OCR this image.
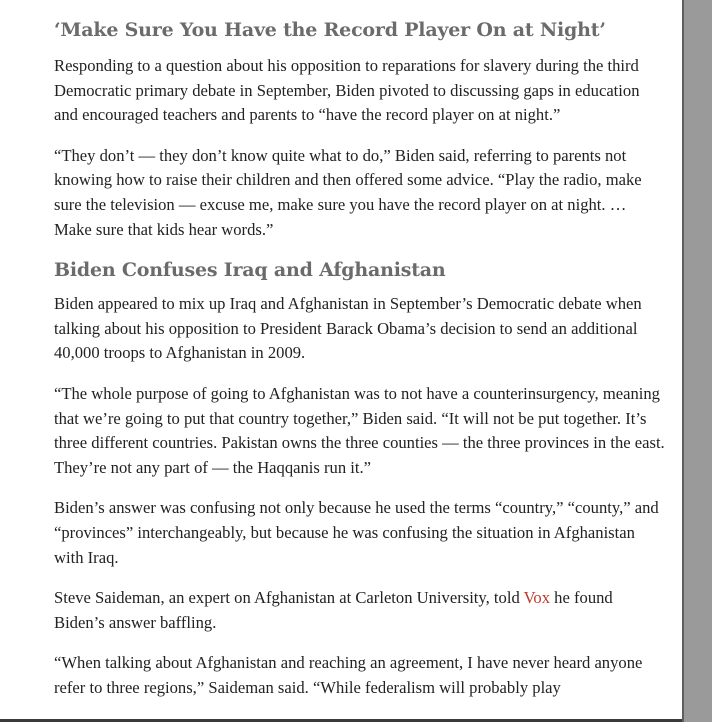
‘Make Sure You Have the Record Player On at Night’

Responding to a question about his opposition to reparations for slavery during the third Democratic primary debate in September, Biden pivoted to discussing gaps in education and encouraged teachers and parents to “have the record player on at night.”

“They don’t — they don’t know quite what to do,” Biden said, referring to parents not knowing how to raise their children and then offered some advice. “Play the radio, make sure the television — excuse me, make sure you have the record player on at night. … Make sure that kids hear words.”

Biden Confuses Iraq and Afghanistan

Biden appeared to mix up Iraq and Afghanistan in September’s Democratic debate when talking about his opposition to President Barack Obama’s decision to send an additional 40,000 troops to Afghanistan in 2009.

“The whole purpose of going to Afghanistan was to not have a counterinsurgency, meaning that we’re going to put that country together,” Biden said. “It will not be put together. It’s three different countries. Pakistan owns the three counties — the three provinces in the east. They’re not any part of — the Haqqanis run it.”

Biden’s answer was confusing not only because he used the terms “country,” “county,” and “provinces” interchangeably, but because he was confusing the situation in Afghanistan with Iraq.

Steve Saideman, an expert on Afghanistan at Carleton University, told Vox he found Biden’s answer baffling.

“When talking about Afghanistan and reaching an agreement, I have never heard anyone refer to three regions,” Saideman said. “While federalism will probably play
